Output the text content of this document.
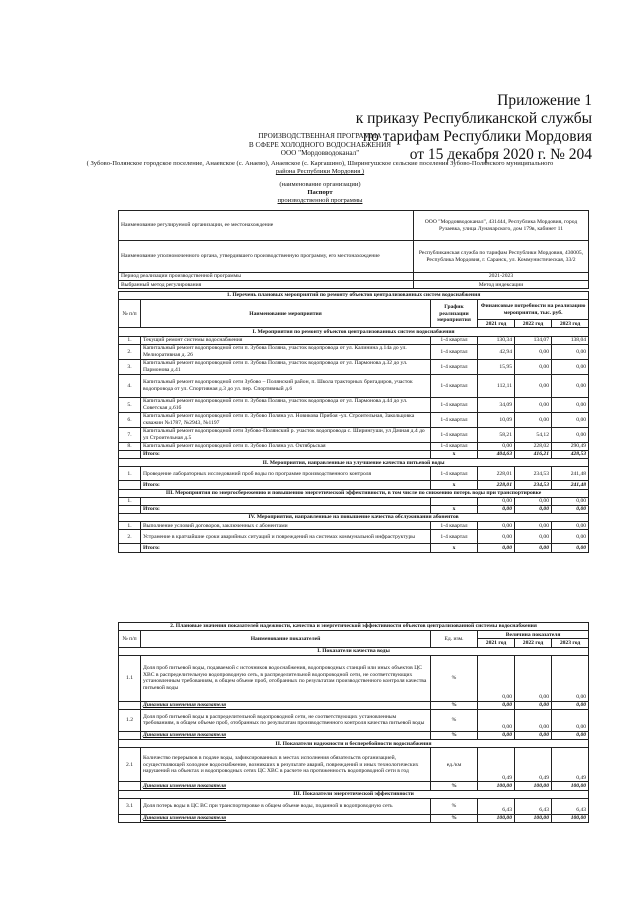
Приложение 1
к приказу Республиканской службы
по тарифам Республики Мордовия
от 15 декабря 2020 г. № 204
ПРОИЗВОДСТВЕННАЯ ПРОГРАММА
В СФЕРЕ ХОЛОДНОГО ВОДОСНАБЖЕНИЯ
ООО "Мордовводоканал"
( Зубово-Полянское городское поселение, Анаевское (с. Анаево), Анаевское (с. Каргашино), Ширингушское сельские поселения Зубово-Полянского муниципального
района Республики Мордовия )
(наименование организации)
Паспорт
производственной программы
Наименование регулируемой организации, ее местонахождение	ООО "Мордовводоканал", 431444, Республика Мордовия, город Рузаевка, улица Луначарского, дом 179в, кабинет 11
Наименование уполномоченного органа, утвердившего производственную программу, его местонахождение	Республиканская служба по тарифам Республики Мордовия, 430005, Республика Мордовия, г. Саранск, ул. Коммунистическая, 33/2
Период реализации производственной программы	2021-2023
Выбранный метод регулирования	Метод индексации
1. Перечень плановых мероприятий по ремонту объектов централизованных систем водоснабжения					
№ п/п	Наименование мероприятия	График реализации мероприятия	Финансовые потребности на реализацию мероприятия, тыс. руб.		
			2021 год	2022 год	2023 год
I. Мероприятия по ремонту объектов централизованных систем водоснабжения					
1.	Текущий ремонт системы водоснабжения	1-4 квартал	130,34	134,07	138,04
2.	Капитальный ремонт водопроводной сети п. Зубова Поляна, участок водопровода от ул. Калинина д.14а до ул. Мелиоративная д. 26	1-4 квартал	42,94	0,00	0,00
3.	Капитальный ремонт водопроводной сети п. Зубова Поляна, участок водопровода от ул. Пармонова д.32 до ул. Пармонова д.41	1-4 квартал	15,95	0,00	0,00
4.	Капитальный ремонт водопроводной сети Зубово – Полянский район, п. Школа тракторных бригадиров, участок водопровода от ул. Спортивная д.3 до ул. пер. Спортивный д.6	1-4 квартал	112,11	0,00	0,00
5.	Капитальный ремонт водопроводной сети п. Зубова Поляна, участок водопровода от ул. Пармонова д.44 до ул. Советская д.61б	1-4 квартал	34,09	0,00	0,00
6.	Капитальный ремонт водопроводной сети п. Зубово Поляна ул. Новикова Прибоя -ул. Строительная, Закольцовка скважин №1787, №2943, №1197	1-4 квартал	10,09	0,00	0,00
7.	Капитальный ремонт водопроводной сети Зубово-Полянский р. участок водопровода с. Ширингуши, ул Дачная д.4 до ул Строительная д.5	1-4 квартал	58,21	54,12	0,00
8.	Капитальный ремонт водопроводной сети п. Зубово Поляна ул. Октябрьская	1-4 квартал	0,00	228,02	290,49
	Итого:	x	404,63	416,21	428,53
II. Мероприятия, направленные на улучшение качества питьевой воды					
1.	Проведение лабораторных исследований проб воды по программе производственного контроля	1-4 квартал	228,01	234,53	241,48
	Итого:	x	228,01	234,53	241,48
III. Мероприятия по энергосбережению и повышению энергетической эффективности, в том числе по снижению потерь воды при транспортировке					
1.			0,00	0,00	0,00
	Итого:	x	0,00	0,00	0,00
IV. Мероприятия, направленные на повышение качества обслуживания абонентов					
1.	Выполнение условий договоров, заключенных с абонентами	1-4 квартал	0,00	0,00	0,00
2.	Устранение в кратчайшие сроки аварийных ситуаций и повреждений на системах коммунальной инфраструктуры	1-4 квартал	0,00	0,00	0,00
	Итого:	x	0,00	0,00	0,00
2. Плановые значения показателей надежности, качества и энергетической эффективности объектов централизованной системы водоснабжения					
№ п/п	Наименование показателей	Ед. изм.	Величина показателя		
			2021 год	2022 год	2023 год
I. Показатели качества воды					
1.1	Доля проб питьевой воды, подаваемой с источников водоснабжения, водопроводных станций или иных объектов ЦС ХВС в распределительную водопроводную сеть, в распределительной водопроводной сети, не соответствующих установленным требованиям, в общем объеме проб, отобранных по результатам производственного контроля качества питьевой воды	%	0,00	0,00	0,00
	Динамика изменения показателя	%	0,00	0,00	0,00
1.2	Доля проб питьевой воды в распределительной водопроводной сети, не соответствующих установленным требованиям, в общем объеме проб, отобранных по результатам производственного контроля качества питьевой воды	%	0,00	0,00	0,00
	Динамика изменения показателя	%	0,00	0,00	0,00
II. Показатели надежности и бесперебойности водоснабжения					
2.1	Количество перерывов в подаче воды, зафиксированных в местах исполнения обязательств организацией, осуществляющей холодное водоснабжение, возникших в результате аварий, повреждений и иных технологических нарушений на объектах и водопроводных сетях ЦС ХВС в расчете на протяженность водопроводной сети в год	ед./км	0,49	0,49	0,49
	Динамика изменения показателя	%	100,00	100,00	100,00
III. Показатели энергетической эффективности					
3.1	Доля потерь воды в ЦС ВС при транспортировке в общем объеме воды, поданной в водопроводную сеть	%	6,43	6,43	6,43
	Динамика изменения показателя	%	100,00	100,00	100,00
